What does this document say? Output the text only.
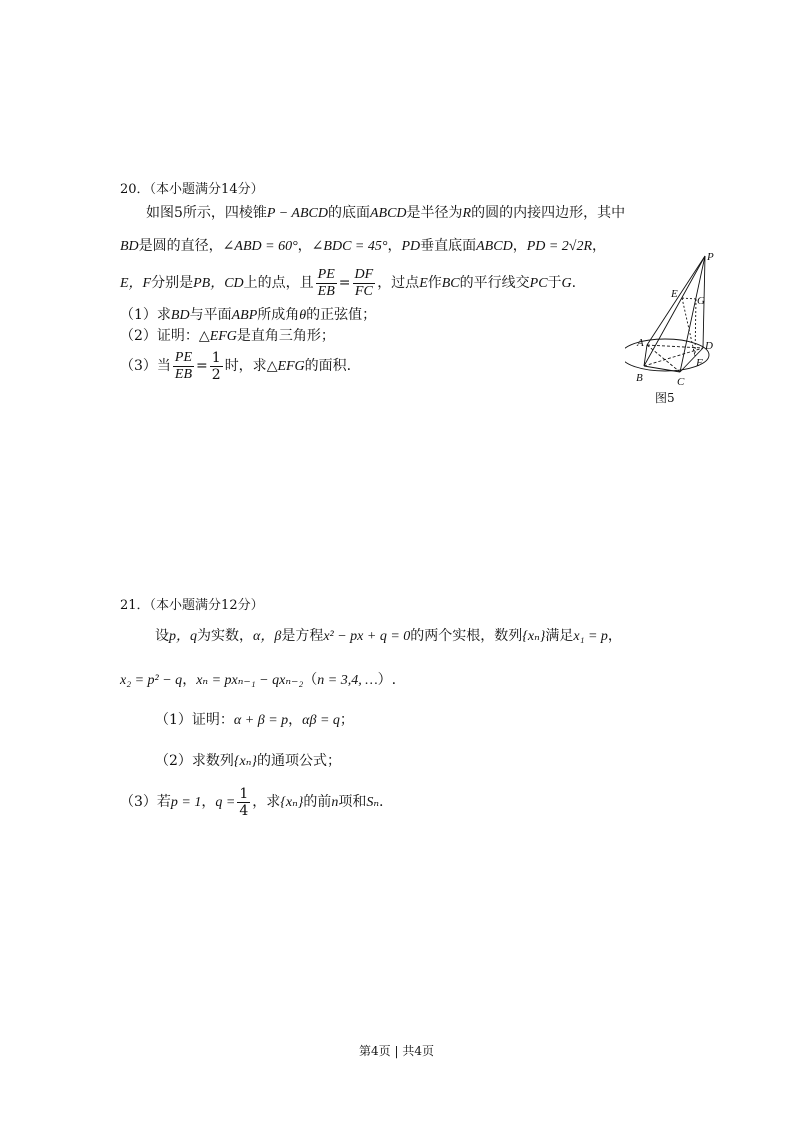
20．（本小题满分14分）
如图5所示，四棱锥P − ABCD的底面ABCD是半径为R的圆的内接四边形，其中
BD是圆的直径，∠ABD = 60°，∠BDC = 45°，PD垂直底面ABCD，PD = 2√2R，
E，F分别是PB，CD上的点，且 $\frac{PE}{EB} = \frac{DF}{FC}$ ，过点E作BC的平行线交PC于G.
（1）求BD与平面ABP所成角θ的正弦值；
（2）证明：△EFG是直角三角形；
（3）当 $\frac{PE}{EB} = \frac{1}{2}$ 时，求△EFG的面积.
P
E
G
A	D
F
B	C
图5
21．（本小题满分12分）
设p，q为实数，α，β是方程x² − px + q = 0的两个实根，数列{xₙ}满足x₁ = p，
x₂ = p² − q，xₙ = pxₙ₋₁ − qxₙ₋₂（n = 3,4, …）.
（1）证明：α + β = p，αβ = q；
（2）求数列{xₙ}的通项公式；
（3）若p = 1，$q = \frac{1}{4}$ ，求{xₙ}的前n项和Sₙ.
第4页 | 共4页
